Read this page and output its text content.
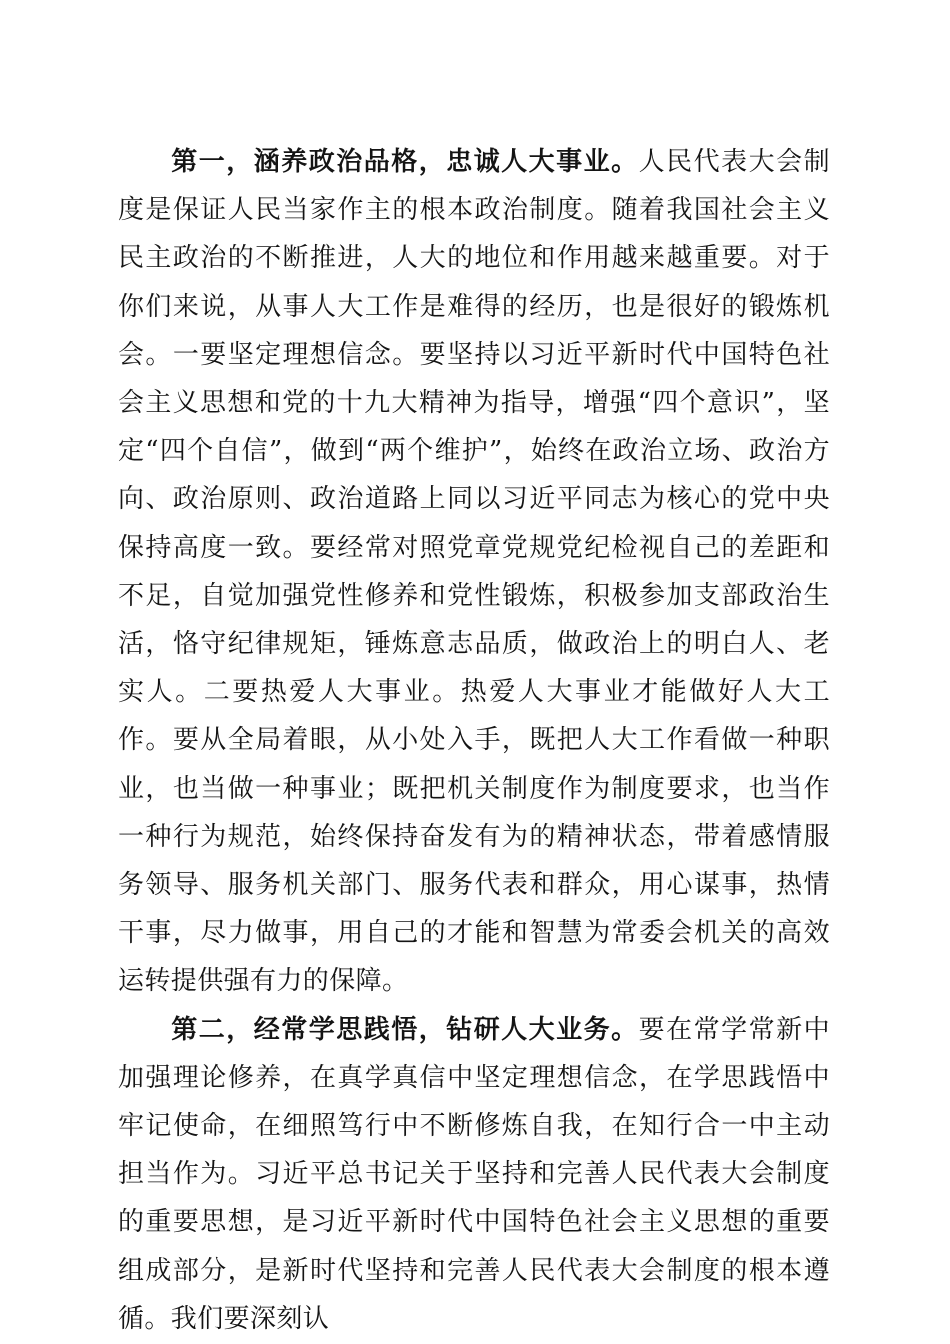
第一，涵养政治品格，忠诚人大事业。人民代表大会制度是保证人民当家作主的根本政治制度。随着我国社会主义民主政治的不断推进，人大的地位和作用越来越重要。对于你们来说，从事人大工作是难得的经历，也是很好的锻炼机会。一要坚定理想信念。要坚持以习近平新时代中国特色社会主义思想和党的十九大精神为指导，增强“四个意识”，坚定“四个自信”，做到“两个维护”，始终在政治立场、政治方向、政治原则、政治道路上同以习近平同志为核心的党中央保持高度一致。要经常对照党章党规党纪检视自己的差距和不足，自觉加强党性修养和党性锻炼，积极参加支部政治生活，恪守纪律规矩，锤炼意志品质，做政治上的明白人、老实人。二要热爱人大事业。热爱人大事业才能做好人大工作。要从全局着眼，从小处入手，既把人大工作看做一种职业，也当做一种事业；既把机关制度作为制度要求，也当作一种行为规范，始终保持奋发有为的精神状态，带着感情服务领导、服务机关部门、服务代表和群众，用心谋事，热情干事，尽力做事，用自己的才能和智慧为常委会机关的高效运转提供强有力的保障。

第二，经常学思践悟，钻研人大业务。要在常学常新中加强理论修养，在真学真信中坚定理想信念，在学思践悟中牢记使命，在细照笃行中不断修炼自我，在知行合一中主动担当作为。习近平总书记关于坚持和完善人民代表大会制度的重要思想，是习近平新时代中国特色社会主义思想的重要组成部分，是新时代坚持和完善人民代表大会制度的根本遵循。我们要深刻认
